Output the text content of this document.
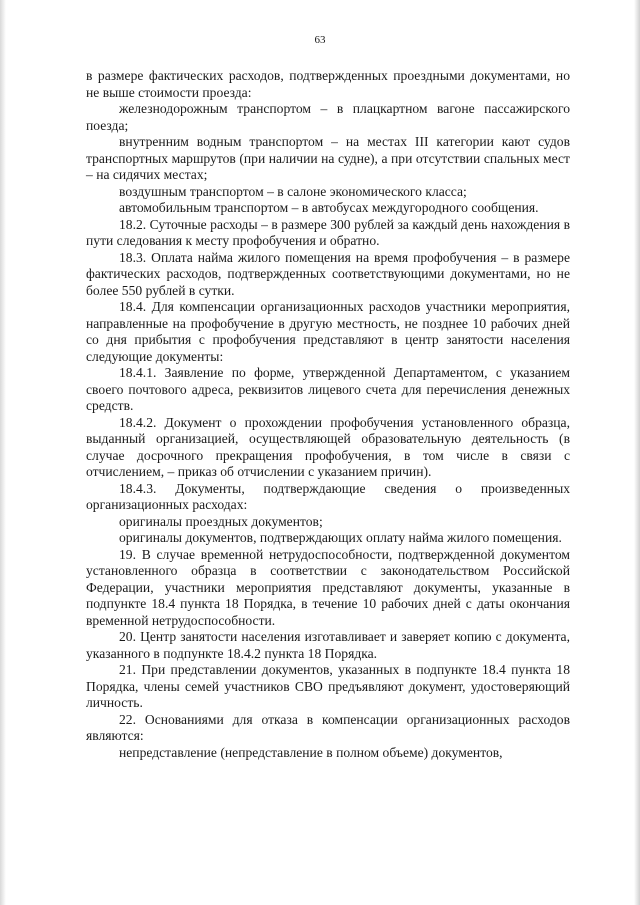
63

в размере фактических расходов, подтвержденных проездными документами, но не выше стоимости проезда:

железнодорожным транспортом – в плацкартном вагоне пассажирского поезда;

внутренним водным транспортом – на местах III категории кают судов транспортных маршрутов (при наличии на судне), а при отсутствии спальных мест – на сидячих местах;

воздушным транспортом – в салоне экономического класса;

автомобильным транспортом – в автобусах междугородного сообщения.

18.2. Суточные расходы – в размере 300 рублей за каждый день нахождения в пути следования к месту профобучения и обратно.

18.3. Оплата найма жилого помещения на время профобучения – в размере фактических расходов, подтвержденных соответствующими документами, но не более 550 рублей в сутки.

18.4. Для компенсации организационных расходов участники мероприятия, направленные на профобучение в другую местность, не позднее 10 рабочих дней со дня прибытия с профобучения представляют в центр занятости населения следующие документы:

18.4.1. Заявление по форме, утвержденной Департаментом, с указанием своего почтового адреса, реквизитов лицевого счета для перечисления денежных средств.

18.4.2. Документ о прохождении профобучения установленного образца, выданный организацией, осуществляющей образовательную деятельность (в случае досрочного прекращения профобучения, в том числе в связи с отчислением, – приказ об отчислении с указанием причин).

18.4.3. Документы, подтверждающие сведения о произведенных организационных расходах:

оригиналы проездных документов;

оригиналы документов, подтверждающих оплату найма жилого помещения.

19. В случае временной нетрудоспособности, подтвержденной документом установленного образца в соответствии с законодательством Российской Федерации, участники мероприятия представляют документы, указанные в подпункте 18.4 пункта 18 Порядка, в течение 10 рабочих дней с даты окончания временной нетрудоспособности.

20. Центр занятости населения изготавливает и заверяет копию с документа, указанного в подпункте 18.4.2 пункта 18 Порядка.

21. При представлении документов, указанных в подпункте 18.4 пункта 18 Порядка, члены семей участников СВО предъявляют документ, удостоверяющий личность.

22. Основаниями для отказа в компенсации организационных расходов являются:

непредставление (непредставление в полном объеме) документов,
